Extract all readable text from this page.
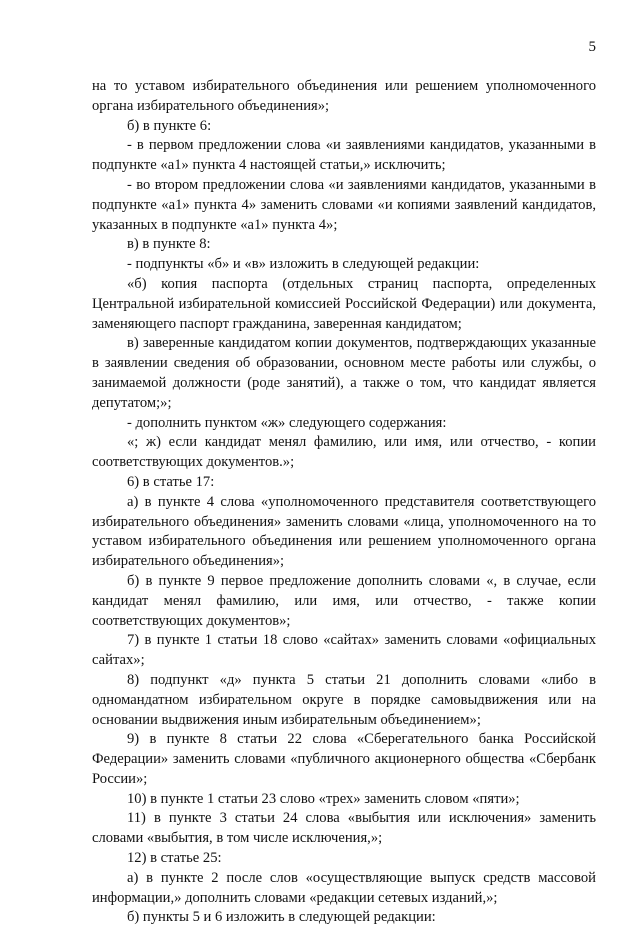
5

на то уставом избирательного объединения или решением уполномоченного органа избирательного объединения»;

б) в пункте 6:

- в первом предложении слова «и заявлениями кандидатов, указанными в подпункте «а1» пункта 4 настоящей статьи,» исключить;

- во втором предложении слова «и заявлениями кандидатов, указанными в подпункте «а1» пункта 4» заменить словами «и копиями заявлений кандидатов, указанных в подпункте «а1» пункта 4»;

в) в пункте 8:

- подпункты «б» и «в» изложить в следующей редакции:

«б) копия паспорта (отдельных страниц паспорта, определенных Центральной избирательной комиссией Российской Федерации) или документа, заменяющего паспорт гражданина, заверенная кандидатом;

в) заверенные кандидатом копии документов, подтверждающих указанные в заявлении сведения об образовании, основном месте работы или службы, о занимаемой должности (роде занятий), а также о том, что кандидат является депутатом;»;

- дополнить пунктом «ж» следующего содержания:

«; ж) если кандидат менял фамилию, или имя, или отчество, - копии соответствующих документов.»;

6) в статье 17:

а) в пункте 4 слова «уполномоченного представителя соответствующего избирательного объединения» заменить словами «лица, уполномоченного на то уставом избирательного объединения или решением уполномоченного органа избирательного объединения»;

б) в пункте 9 первое предложение дополнить словами «, в случае, если кандидат менял фамилию, или имя, или отчество, - также копии соответствующих документов»;

7) в пункте 1 статьи 18 слово «сайтах» заменить словами «официальных сайтах»;

8) подпункт «д» пункта 5 статьи 21 дополнить словами «либо в одномандатном избирательном округе в порядке самовыдвижения или на основании выдвижения иным избирательным объединением»;

9) в пункте 8 статьи 22 слова «Сберегательного банка Российской Федерации» заменить словами «публичного акционерного общества «Сбербанк России»;

10) в пункте 1 статьи 23 слово «трех» заменить словом «пяти»;

11) в пункте 3 статьи 24 слова «выбытия или исключения» заменить словами «выбытия, в том числе исключения,»;

12) в статье 25:

а) в пункте 2 после слов «осуществляющие выпуск средств массовой информации,» дополнить словами «редакции сетевых изданий,»;

б) пункты 5 и 6 изложить в следующей редакции:
